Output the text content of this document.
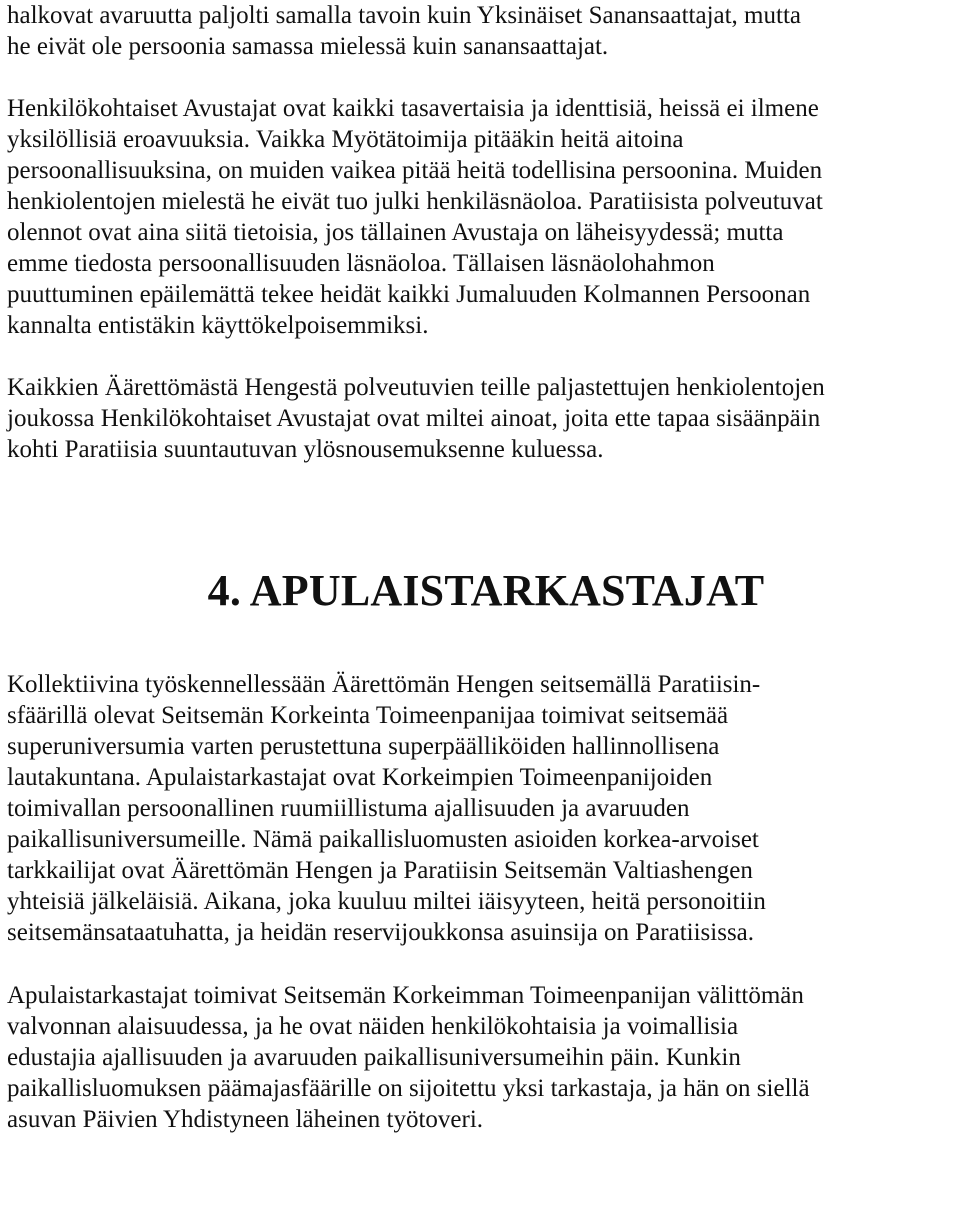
halkovat avaruutta paljolti samalla tavoin kuin Yksinäiset Sanansaattajat, mutta
he eivät ole persoonia samassa mielessä kuin sanansaattajat.

Henkilökohtaiset Avustajat ovat kaikki tasavertaisia ja identtisiä, heissä ei ilmene
yksilöllisiä eroavuuksia. Vaikka Myötätoimija pitääkin heitä aitoina
persoonallisuuksina, on muiden vaikea pitää heitä todellisina persoonina. Muiden
henkiolentojen mielestä he eivät tuo julki henkiläsnäoloa. Paratiisista polveutuvat
olennot ovat aina siitä tietoisia, jos tällainen Avustaja on läheisyydessä; mutta
emme tiedosta persoonallisuuden läsnäoloa. Tällaisen läsnäolohahmon
puuttuminen epäilemättä tekee heidät kaikki Jumaluuden Kolmannen Persoonan
kannalta entistäkin käyttökelpoisemmiksi.

Kaikkien Äärettömästä Hengestä polveutuvien teille paljastettujen henkiolentojen
joukossa Henkilökohtaiset Avustajat ovat miltei ainoat, joita ette tapaa sisäänpäin
kohti Paratiisia suuntautuvan ylösnousemuksenne kuluessa.

4. APULAISTARKASTAJAT

Kollektiivina työskennellessään Äärettömän Hengen seitsemällä Paratiisin-
sfäärillä olevat Seitsemän Korkeinta Toimeenpanijaa toimivat seitsemää
superuniversumia varten perustettuna superpäälliköiden hallinnollisena
lautakuntana. Apulaistarkastajat ovat Korkeimpien Toimeenpanijoiden
toimivallan persoonallinen ruumiillistuma ajallisuuden ja avaruuden
paikallisuniversumeille. Nämä paikallisluomusten asioiden korkea-arvoiset
tarkkailijat ovat Äärettömän Hengen ja Paratiisin Seitsemän Valtiashengen
yhteisiä jälkeläisiä. Aikana, joka kuuluu miltei iäisyyteen, heitä personoitiin
seitsemänsataatuhatta, ja heidän reservijoukkonsa asuinsija on Paratiisissa.

Apulaistarkastajat toimivat Seitsemän Korkeimman Toimeenpanijan välittömän
valvonnan alaisuudessa, ja he ovat näiden henkilökohtaisia ja voimallisia
edustajia ajallisuuden ja avaruuden paikallisuniversumeihin päin. Kunkin
paikallisluomuksen päämajasfäärille on sijoitettu yksi tarkastaja, ja hän on siellä
asuvan Päivien Yhdistyneen läheinen työtoveri.
